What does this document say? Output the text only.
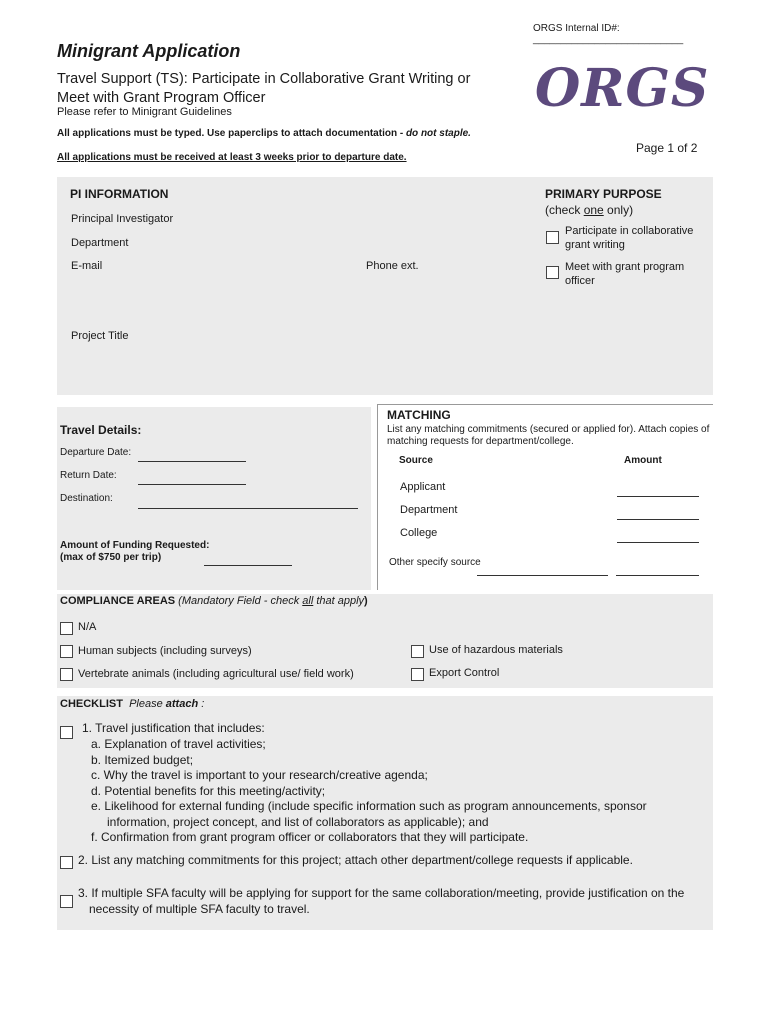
ORGS Internal ID#: ___________________________
Minigrant Application
Travel Support (TS): Participate in Collaborative Grant Writing or
Meet with Grant Program Officer
Please refer to Minigrant Guidelines
All applications must be typed. Use paperclips to attach documentation - do not staple.
All applications must be received at least 3 weeks prior to departure date.
ORGS
Page 1 of 2
PI INFORMATION
Principal Investigator
Department
E-mail	Phone ext.
Project Title
PRIMARY PURPOSE
(check one only)
Participate in collaborative
grant writing
Meet with grant program
officer
Travel Details:
Departure Date:
Return Date:
Destination:
Amount of Funding Requested:
(max of $750 per trip)
MATCHING
List any matching commitments (secured or applied for). Attach copies of
matching requests for department/college.
Source	Amount
Applicant
Department
College
Other specify source
COMPLIANCE AREAS (Mandatory Field - check all that apply)
N/A
Human subjects (including surveys)
Vertebrate animals (including agricultural use/ field work)
Use of hazardous materials
Export Control
CHECKLIST Please attach :
1. Travel justification that includes:
a. Explanation of travel activities;
b. Itemized budget;
c. Why the travel is important to your research/creative agenda;
d. Potential benefits for this meeting/activity;
e. Likelihood for external funding (include specific information such as program announcements, sponsor
information, project concept, and list of collaborators as applicable); and
f. Confirmation from grant program officer or collaborators that they will participate.
2. List any matching commitments for this project; attach other department/college requests if applicable.
3. If multiple SFA faculty will be applying for support for the same collaboration/meeting, provide justification on the
necessity of multiple SFA faculty to travel.
